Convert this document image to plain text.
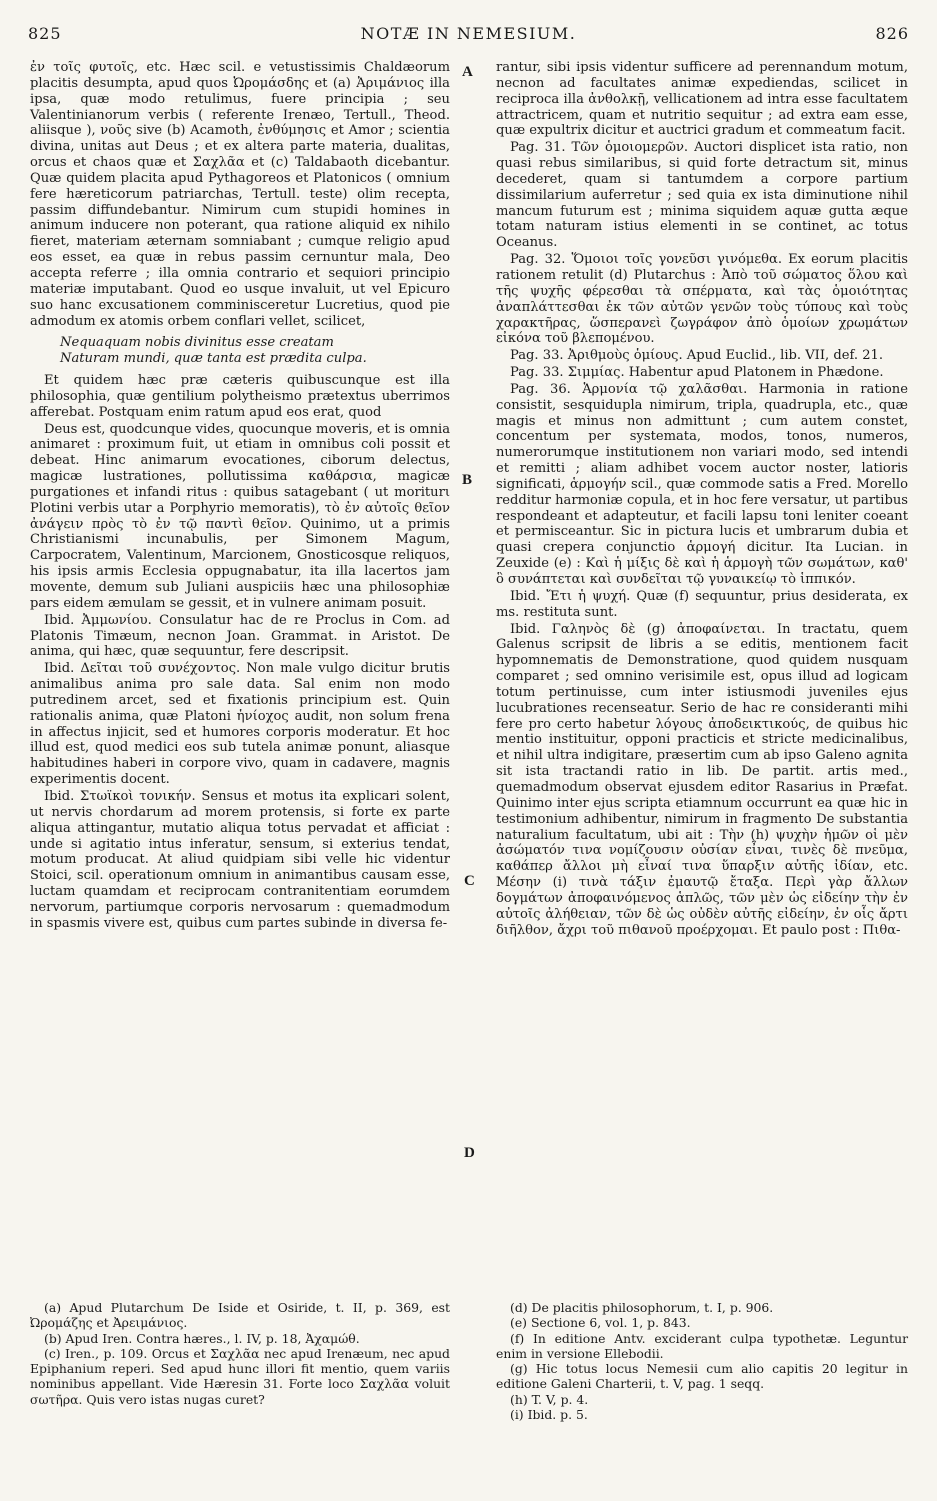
825	NOTÆ IN NEMESIUM.	826
A
B
C
D

ἐν τοῖς φυτοῖς, etc. Hæc scil. e vetustissimis Chaldæorum placitis desumpta, apud quos Ὠρομάσδης et (a) Ἀριμάνιος illa ipsa, quæ modo retulimus, fuere principia ; seu Valentinianorum verbis ( referente Irenæo, Tertull., Theod. aliisque ), νοῦς sive (b) Acamoth, ἐνθύμησις et Amor ; scientia divina, unitas aut Deus ; et ex altera parte materia, dualitas, orcus et chaos quæ et Σαχλᾶα et (c) Taldabaoth dicebantur. Quæ quidem placita apud Pythagoreos et Platonicos ( omnium fere hæreticorum patriarchas, Tertull. teste) olim recepta, passim diffundebantur. Nimirum cum stupidi homines in animum inducere non poterant, qua ratione aliquid ex nihilo fieret, materiam æternam somniabant ; cumque religio apud eos esset, ea quæ in rebus passim cernuntur mala, Deo accepta referre ; illa omnia contrario et sequiori principio materiæ imputabant. Quod eo usque invaluit, ut vel Epicuro suo hanc excusationem comminisceretur Lucretius, quod pie admodum ex atomis orbem conflari vellet, scilicet,

Nequaquam nobis divinitus esse creatam
Naturam mundi, quæ tanta est prædita culpa.

Et quidem hæc præ cæteris quibuscunque est illa philosophia, quæ gentilium polytheismo prætextus uberrimos afferebat. Postquam enim ratum apud eos erat, quod

Deus est, quodcunque vides, quocunque moveris, et is omnia animaret : proximum fuit, ut etiam in omnibus coli possit et debeat. Hinc animarum evocationes, ciborum delectus, magicæ lustrationes, pollutissima καθάρσια, magicæ purgationes et infandi ritus : quibus satagebant ( ut moriturι Plotini verbis utar a Porphyrio memoratis), τὸ ἐν αὐτοῖς θεῖον ἀνάγειν πρὸς τὸ ἐν τῷ παντὶ θεῖον. Quinimo, ut a primis Christianismi incunabulis, per Simonem Magum, Carpocratem, Valentinum, Marcionem, Gnosticosque reliquos, his ipsis armis Ecclesia oppugnabatur, ita illa lacertos jam movente, demum sub Juliani auspiciis hæc una philosophiæ pars eidem æmulam se gessit, et in vulnere animam posuit.

Ibid. Ἀμμωνίου. Consulatur hac de re Proclus in Com. ad Platonis Timæum, necnon Joan. Grammat. in Aristot. De anima, qui hæc, quæ sequuntur, fere descripsit.

Ibid. Δεῖται τοῦ συνέχοντος. Non male vulgo dicitur brutis animalibus anima pro sale data. Sal enim non modo putredinem arcet, sed et fixationis principium est. Quin rationalis anima, quæ Platoni ἡνίοχος audit, non solum frena in affectus injicit, sed et humores corporis moderatur. Et hoc illud est, quod medici eos sub tutela animæ ponunt, aliasque habitudines haberi in corpore vivo, quam in cadavere, magnis experimentis docent.

Ibid. Στωϊκοὶ τονικήν. Sensus et motus ita explicari solent, ut nervis chordarum ad morem protensis, si forte ex parte aliqua attingantur, mutatio aliqua totus pervadat et afficiat : unde si agitatio intus inferatur, sensum, si exterius tendat, motum producat. At aliud quidpiam sibi velle hic videntur Stoici, scil. operationum omnium in animantibus causam esse, luctam quamdam et reciprocam contranitentiam eorumdem nervorum, partiumque corporis nervosarum : quemadmodum in spasmis vivere est, quibus cum partes subinde in diversa fe-

rantur, sibi ipsis videntur sufficere ad perennandum motum, necnon ad facultates animæ expediendas, scilicet in reciproca illa ἀνθολκῇ, vellicationem ad intra esse facultatem attractricem, quam et nutritio sequitur ; ad extra eam esse, quæ expultrix dicitur et auctrici gradum et commeatum facit.

Pag. 31. Τῶν ὁμοιομερῶν. Auctori displicet ista ratio, non quasi rebus similaribus, si quid forte detractum sit, minus decederet, quam si tantumdem a corpore partium dissimilarium auferretur ; sed quia ex ista diminutione nihil mancum futurum est ; minima siquidem aquæ gutta æque totam naturam istius elementi in se continet, ac totus Oceanus.

Pag. 32. Ὅμοιοι τοῖς γονεῦσι γινόμεθα. Ex eorum placitis rationem retulit (d) Plutarchus : Ἀπὸ τοῦ σώματος ὅλου καὶ τῆς ψυχῆς φέρεσθαι τὰ σπέρματα, καὶ τὰς ὁμοιότητας ἀναπλάττεσθαι ἐκ τῶν αὐτῶν γενῶν τοὺς τύπους καὶ τοὺς χαρακτῆρας, ὥσπερανεὶ ζωγράφον ἀπὸ ὁμοίων χρωμάτων εἰκόνα τοῦ βλεπομένου.

Pag. 33. Ἀριθμοὺς ὁμίους. Apud Euclid., lib. VII, def. 21.

Pag. 33. Σιμμίας. Habentur apud Platonem in Phædone.

Pag. 36. Ἁρμονία τῷ χαλᾶσθαι. Harmonia in ratione consistit, sesquidupla nimirum, tripla, quadrupla, etc., quæ magis et minus non admittunt ; cum autem constet, concentum per systemata, modos, tonos, numeros, numerorumque institutionem non variari modo, sed intendi et remitti ; aliam adhibet vocem auctor noster, latioris significati, ἁρμογήν scil., quæ commode satis a Fred. Morello redditur harmoniæ copula, et in hoc fere versatur, ut partibus respondeant et adapteutur, et facili lapsu toni leniter coeant et permisceantur. Sic in pictura lucis et umbrarum dubia et quasi crepera conjunctio ἁρμογή dicitur. Ita Lucian. in Zeuxide (e) : Καὶ ἡ μίξις δὲ καὶ ἡ ἁρμογὴ τῶν σωμάτων, καθ' ὃ συνάπτεται καὶ συνδεῖται τῷ γυναικείῳ τὸ ἱππικόν.

Ibid. Ἔτι ἡ ψυχή. Quæ (f) sequuntur, prius desiderata, ex ms. restituta sunt.

Ibid. Γαληνὸς δὲ (g) ἀποφαίνεται. In tractatu, quem Galenus scripsit de libris a se editis, mentionem facit hypomnematis de Demonstratione, quod quidem nusquam comparet ; sed omnino verisimile est, opus illud ad logicam totum pertinuisse, cum inter istiusmodi juveniles ejus lucubrationes recenseatur. Serio de hac re consideranti mihi fere pro certo habetur λόγους ἀποδεικτικούς, de quibus hic mentio instituitur, opponi practicis et stricte medicinalibus, et nihil ultra indigitare, præsertim cum ab ipso Galeno agnita sit ista tractandi ratio in lib. De partit. artis med., quemadmodum observat ejusdem editor Rasarius in Præfat. Quinimo inter ejus scripta etiamnum occurrunt ea quæ hic in testimonium adhibentur, nimirum in fragmento De substantia naturalium facultatum, ubi ait : Τὴν (h) ψυχὴν ἡμῶν οἱ μὲν ἀσώματόν τινα νομίζουσιν οὐσίαν εἶναι, τινὲς δὲ πνεῦμα, καθάπερ ἄλλοι μὴ εἶναί τινα ὕπαρξιν αὐτῆς ἰδίαν, etc. Μέσην (i) τινὰ τάξιν ἐμαυτῷ ἔταξα. Περὶ γὰρ ἄλλων δογμάτων ἀποφαινόμενος ἁπλῶς, τῶν μὲν ὡς εἰδείην τὴν ἐν αὐτοῖς ἀλήθειαν, τῶν δὲ ὡς οὐδὲν αὐτῆς εἰδείην, ἐν οἷς ἄρτι διῆλθον, ἄχρι τοῦ πιθανοῦ προέρχομαι. Et paulo post : Πιθα-

(a) Apud Plutarchum De Iside et Osiride, t. II, p. 369, est Ὠρομάζης et Ἀρειμάνιος.

(b) Apud Iren. Contra hæres., l. IV, p. 18, Ἀχαμώθ.

(c) Iren., p. 109. Orcus et Σαχλᾶα nec apud Irenæum, nec apud Epiphanium reperi. Sed apud hunc illori fit mentio, quem variis nominibus appellant. Vide Hæresin 31. Forte loco Σαχλᾶα voluit σωτῆρα. Quis vero istas nugas curet?

(d) De placitis philosophorum, t. I, p. 906.

(e) Sectione 6, vol. 1, p. 843.

(f) In editione Antv. exciderant culpa typothetæ. Leguntur enim in versione Ellebodii.

(g) Hic totus locus Nemesii cum alio capitis 20 legitur in editione Galeni Charterii, t. V, pag. 1 seqq.

(h) T. V, p. 4.

(i) Ibid. p. 5.
